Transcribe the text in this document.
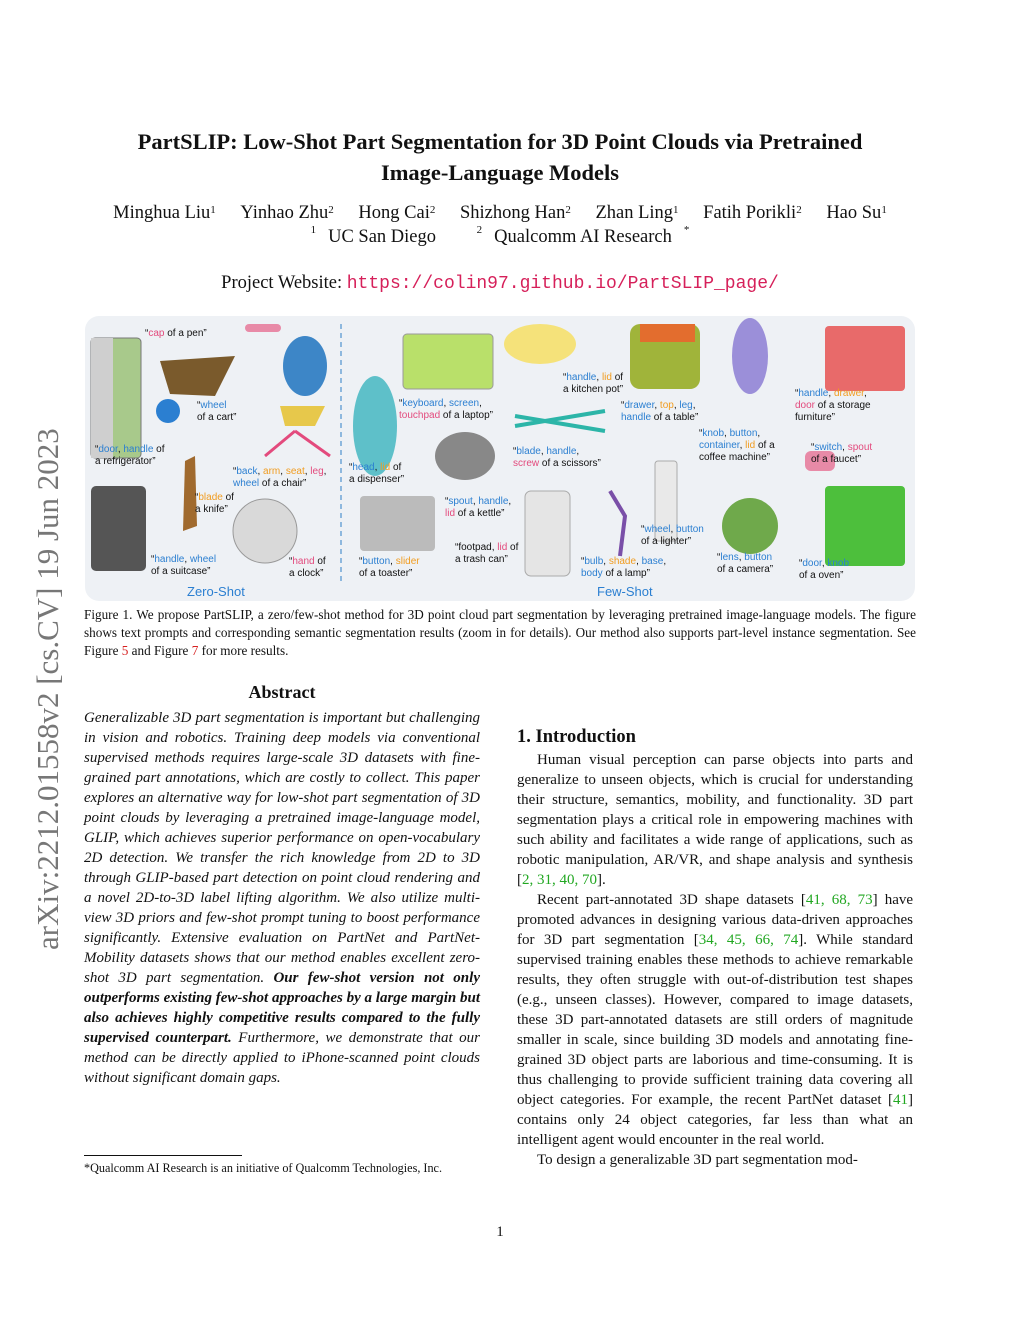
arXiv:2212.01558v2 [cs.CV] 19 Jun 2023
PartSLIP: Low-Shot Part Segmentation for 3D Point Clouds via Pretrained
Image-Language Models
Minghua Liu$^1$ Yinhao Zhu$^2$ Hong Cai$^2$ Shizhong Han$^2$ Zhan Ling$^1$ Fatih Porikli$^2$ Hao Su$^1$
$^1$ UC San Diego	$^2$ Qualcomm AI Research *
Project Website: https://colin97.github.io/PartSLIP_page/
“cap of a pen”
“door, handle of
a refrigerator”
“wheel
of a cart”
“back, arm, seat, leg,
wheel of a chair”
“blade of
a knife”
“handle, wheel
of a suitcase”
“hand of
a clock”
“head, lid of
a dispenser”
“keyboard, screen,
touchpad of a laptop”
“button, slider
of a toaster”
“spout, handle,
lid of a kettle”
“footpad, lid of
a trash can”
“handle, lid of
a kitchen pot”
“blade, handle,
screw of a scissors”
“drawer, top, leg,
handle of a table”
“wheel, button
of a lighter”
“bulb, shade, base,
body of a lamp”
“knob, button,
container, lid of a
coffee machine”
“lens, button
of a camera”
“handle, drawer,
door of a storage
furniture”
“switch, spout
of a faucet”
“door, knob
of a oven”
Zero-Shot	Few-Shot
Figure 1. We propose PartSLIP, a zero/few-shot method for 3D point cloud part segmentation by leveraging pretrained image-language models. The figure shows text prompts and corresponding semantic segmentation results (zoom in for details). Our method also supports part-level instance segmentation. See Figure 5 and Figure 7 for more results.
Abstract
Generalizable 3D part segmentation is important but challenging in vision and robotics. Training deep models via conventional supervised methods requires large-scale 3D datasets with fine-grained part annotations, which are costly to collect. This paper explores an alternative way for low-shot part segmentation of 3D point clouds by leveraging a pretrained image-language model, GLIP, which achieves superior performance on open-vocabulary 2D detection. We transfer the rich knowledge from 2D to 3D through GLIP-based part detection on point cloud rendering and a novel 2D-to-3D label lifting algorithm. We also utilize multi-view 3D priors and few-shot prompt tuning to boost performance significantly. Extensive evaluation on PartNet and PartNet-Mobility datasets shows that our method enables excellent zero-shot 3D part segmentation. Our few-shot version not only outperforms existing few-shot approaches by a large margin but also achieves highly competitive results compared to the fully supervised counterpart. Furthermore, we demonstrate that our method can be directly applied to iPhone-scanned point clouds without significant domain gaps.
*Qualcomm AI Research is an initiative of Qualcomm Technologies, Inc.
1. Introduction

Human visual perception can parse objects into parts and generalize to unseen objects, which is crucial for understanding their structure, semantics, mobility, and functionality. 3D part segmentation plays a critical role in empowering machines with such ability and facilitates a wide range of applications, such as robotic manipulation, AR/VR, and shape analysis and synthesis [2, 31, 40, 70].

Recent part-annotated 3D shape datasets [41, 68, 73] have promoted advances in designing various data-driven approaches for 3D part segmentation [34, 45, 66, 74]. While standard supervised training enables these methods to achieve remarkable results, they often struggle with out-of-distribution test shapes (e.g., unseen classes). However, compared to image datasets, these 3D part-annotated datasets are still orders of magnitude smaller in scale, since building 3D models and annotating fine-grained 3D object parts are laborious and time-consuming. It is thus challenging to provide sufficient training data covering all object categories. For example, the recent PartNet dataset [41] contains only 24 object categories, far less than what an intelligent agent would encounter in the real world.

To design a generalizable 3D part segmentation mod-

1
